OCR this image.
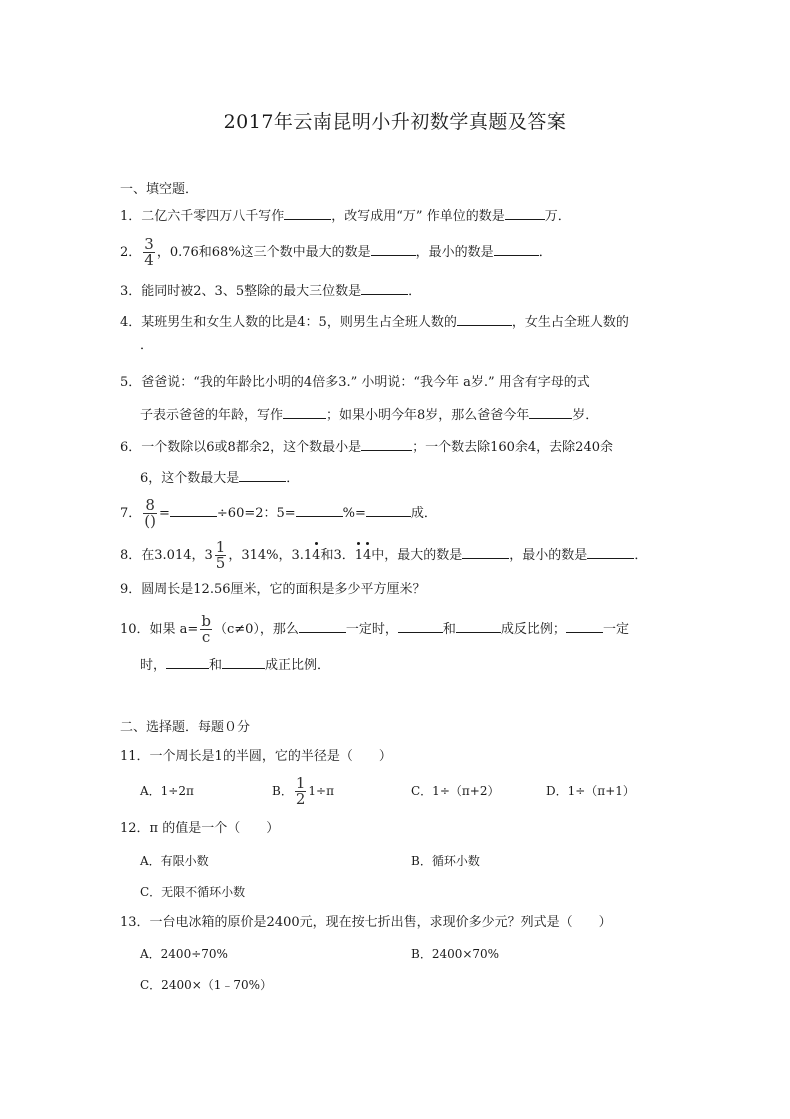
2017年云南昆明小升初数学真题及答案
一、填空题．
1．二亿六千零四万八千写作	，改写成用“万” 作单位的数是	万．
2． $\frac{3}{4}$ ，0.76和68%这三个数中最大的数是	，最小的数是	．
3．能同时被2、3、5整除的最大三位数是	．
4．某班男生和女生人数的比是4：5，则男生占全班人数的	，女生占全班人数的
．
5．爸爸说：“我的年龄比小明的4倍多3.” 小明说：“我今年 a岁.” 用含有字母的式
子表示爸爸的年龄，写作	；如果小明今年8岁，那么爸爸今年	岁．
6．一个数除以6或8都余2，这个数最小是	；一个数去除160余4，去除240余
6，这个数最大是	．
7． $\frac{8}{()}$ =	÷60=2：5=	%=	成．
8．在3.014，$3 \frac{1}{5}$ ，314%，3.14和3．14中，最大的数是	，最小的数是	．
9．圆周长是12.56厘米，它的面积是多少平方厘米？
10．如果 $a= \frac{b}{c} (c\ne 0)$，那么	一定时，	和	成反比例；	一定
时，	和	成正比例．
二、选择题．每题０分
11．一个周长是1的半圆，它的半径是（　　）
A．1÷2π	B． $\frac{1}{2} 1\div\pi$	C．1÷（π+2）	D．1÷（π+1）
12．π 的值是一个（　　）
A．有限小数	B．循环小数
C．无限不循环小数
13．一台电冰箱的原价是2400元，现在按七折出售，求现价多少元？列式是（　　）
A．2400÷70%	B．2400×70%
C．2400×（1﹣70%）
